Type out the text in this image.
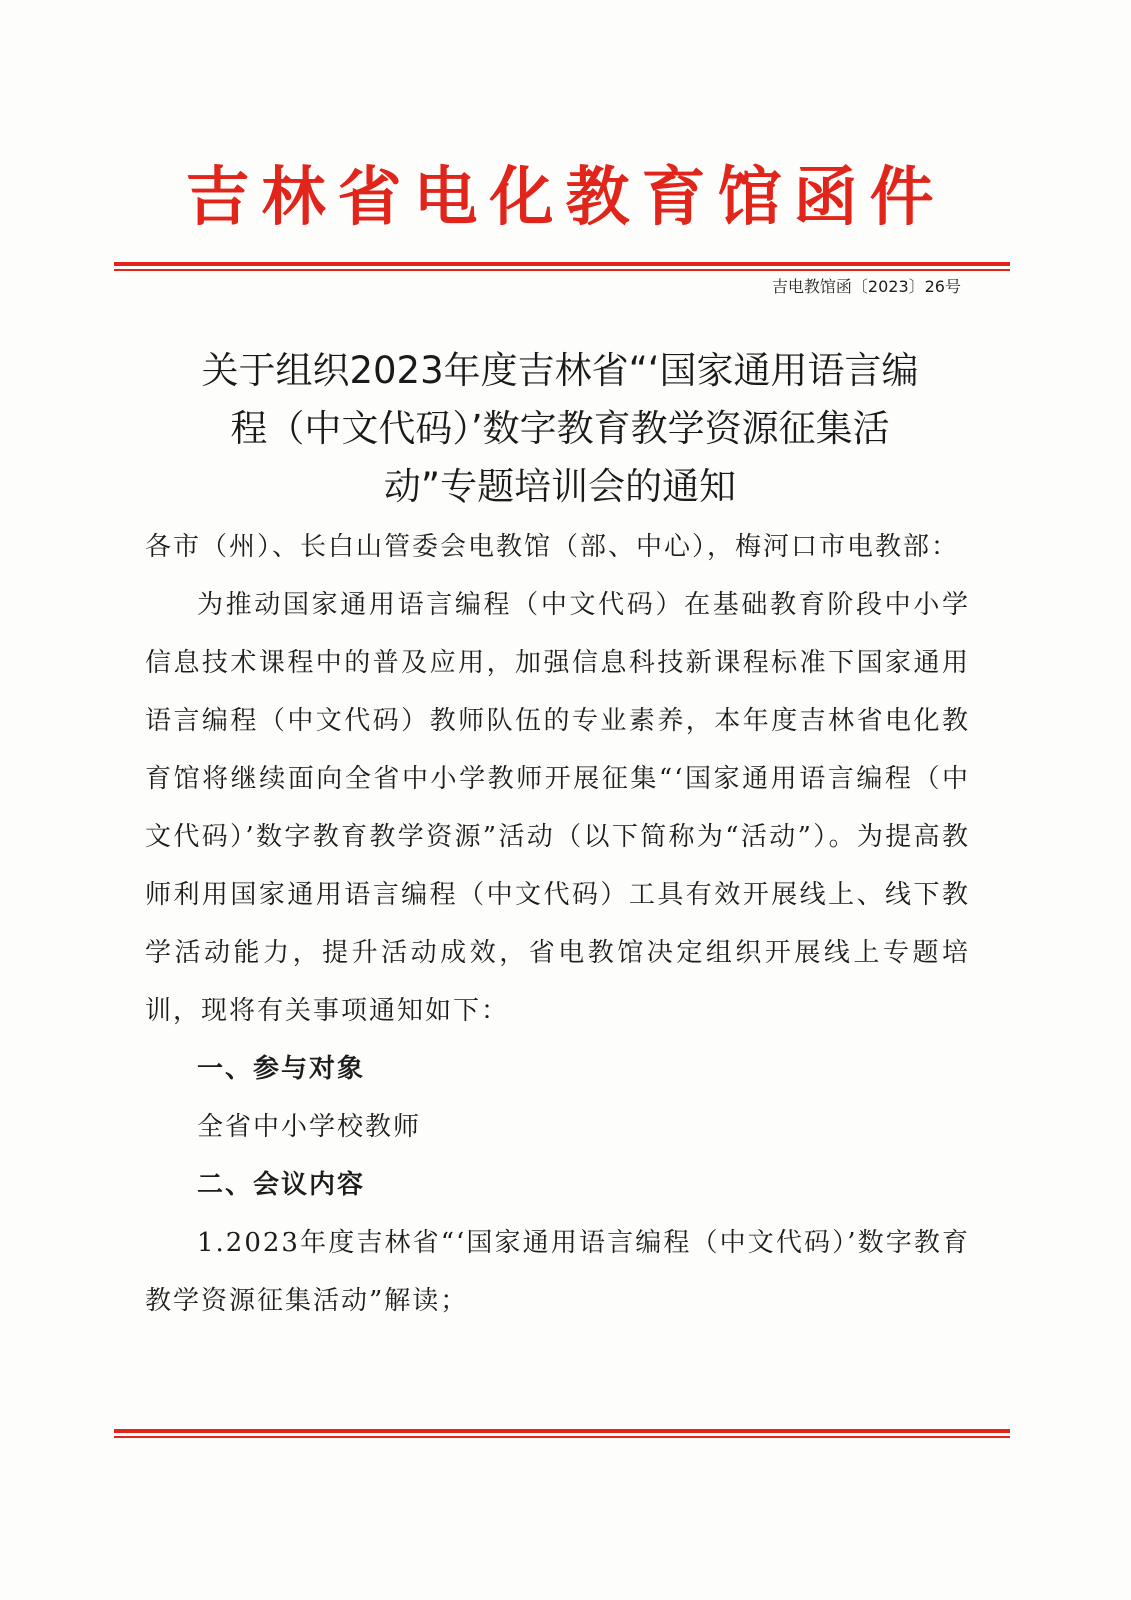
吉林省电化教育馆函件
吉电教馆函〔2023〕26号
关于组织2023年度吉林省“‘国家通用语言编
程（中文代码）’数字教育教学资源征集活
动”专题培训会的通知

各市（州）、长白山管委会电教馆（部、中心），梅河口市电教部：

为推动国家通用语言编程（中文代码）在基础教育阶段中小学信息技术课程中的普及应用，加强信息科技新课程标准下国家通用语言编程（中文代码）教师队伍的专业素养，本年度吉林省电化教育馆将继续面向全省中小学教师开展征集“‘国家通用语言编程（中文代码）’数字教育教学资源”活动（以下简称为“活动”）。为提高教师利用国家通用语言编程（中文代码）工具有效开展线上、线下教学活动能力，提升活动成效，省电教馆决定组织开展线上专题培训，现将有关事项通知如下：

一、参与对象

全省中小学校教师

二、会议内容

1.2023年度吉林省“‘国家通用语言编程（中文代码）’数字教育教学资源征集活动”解读；
